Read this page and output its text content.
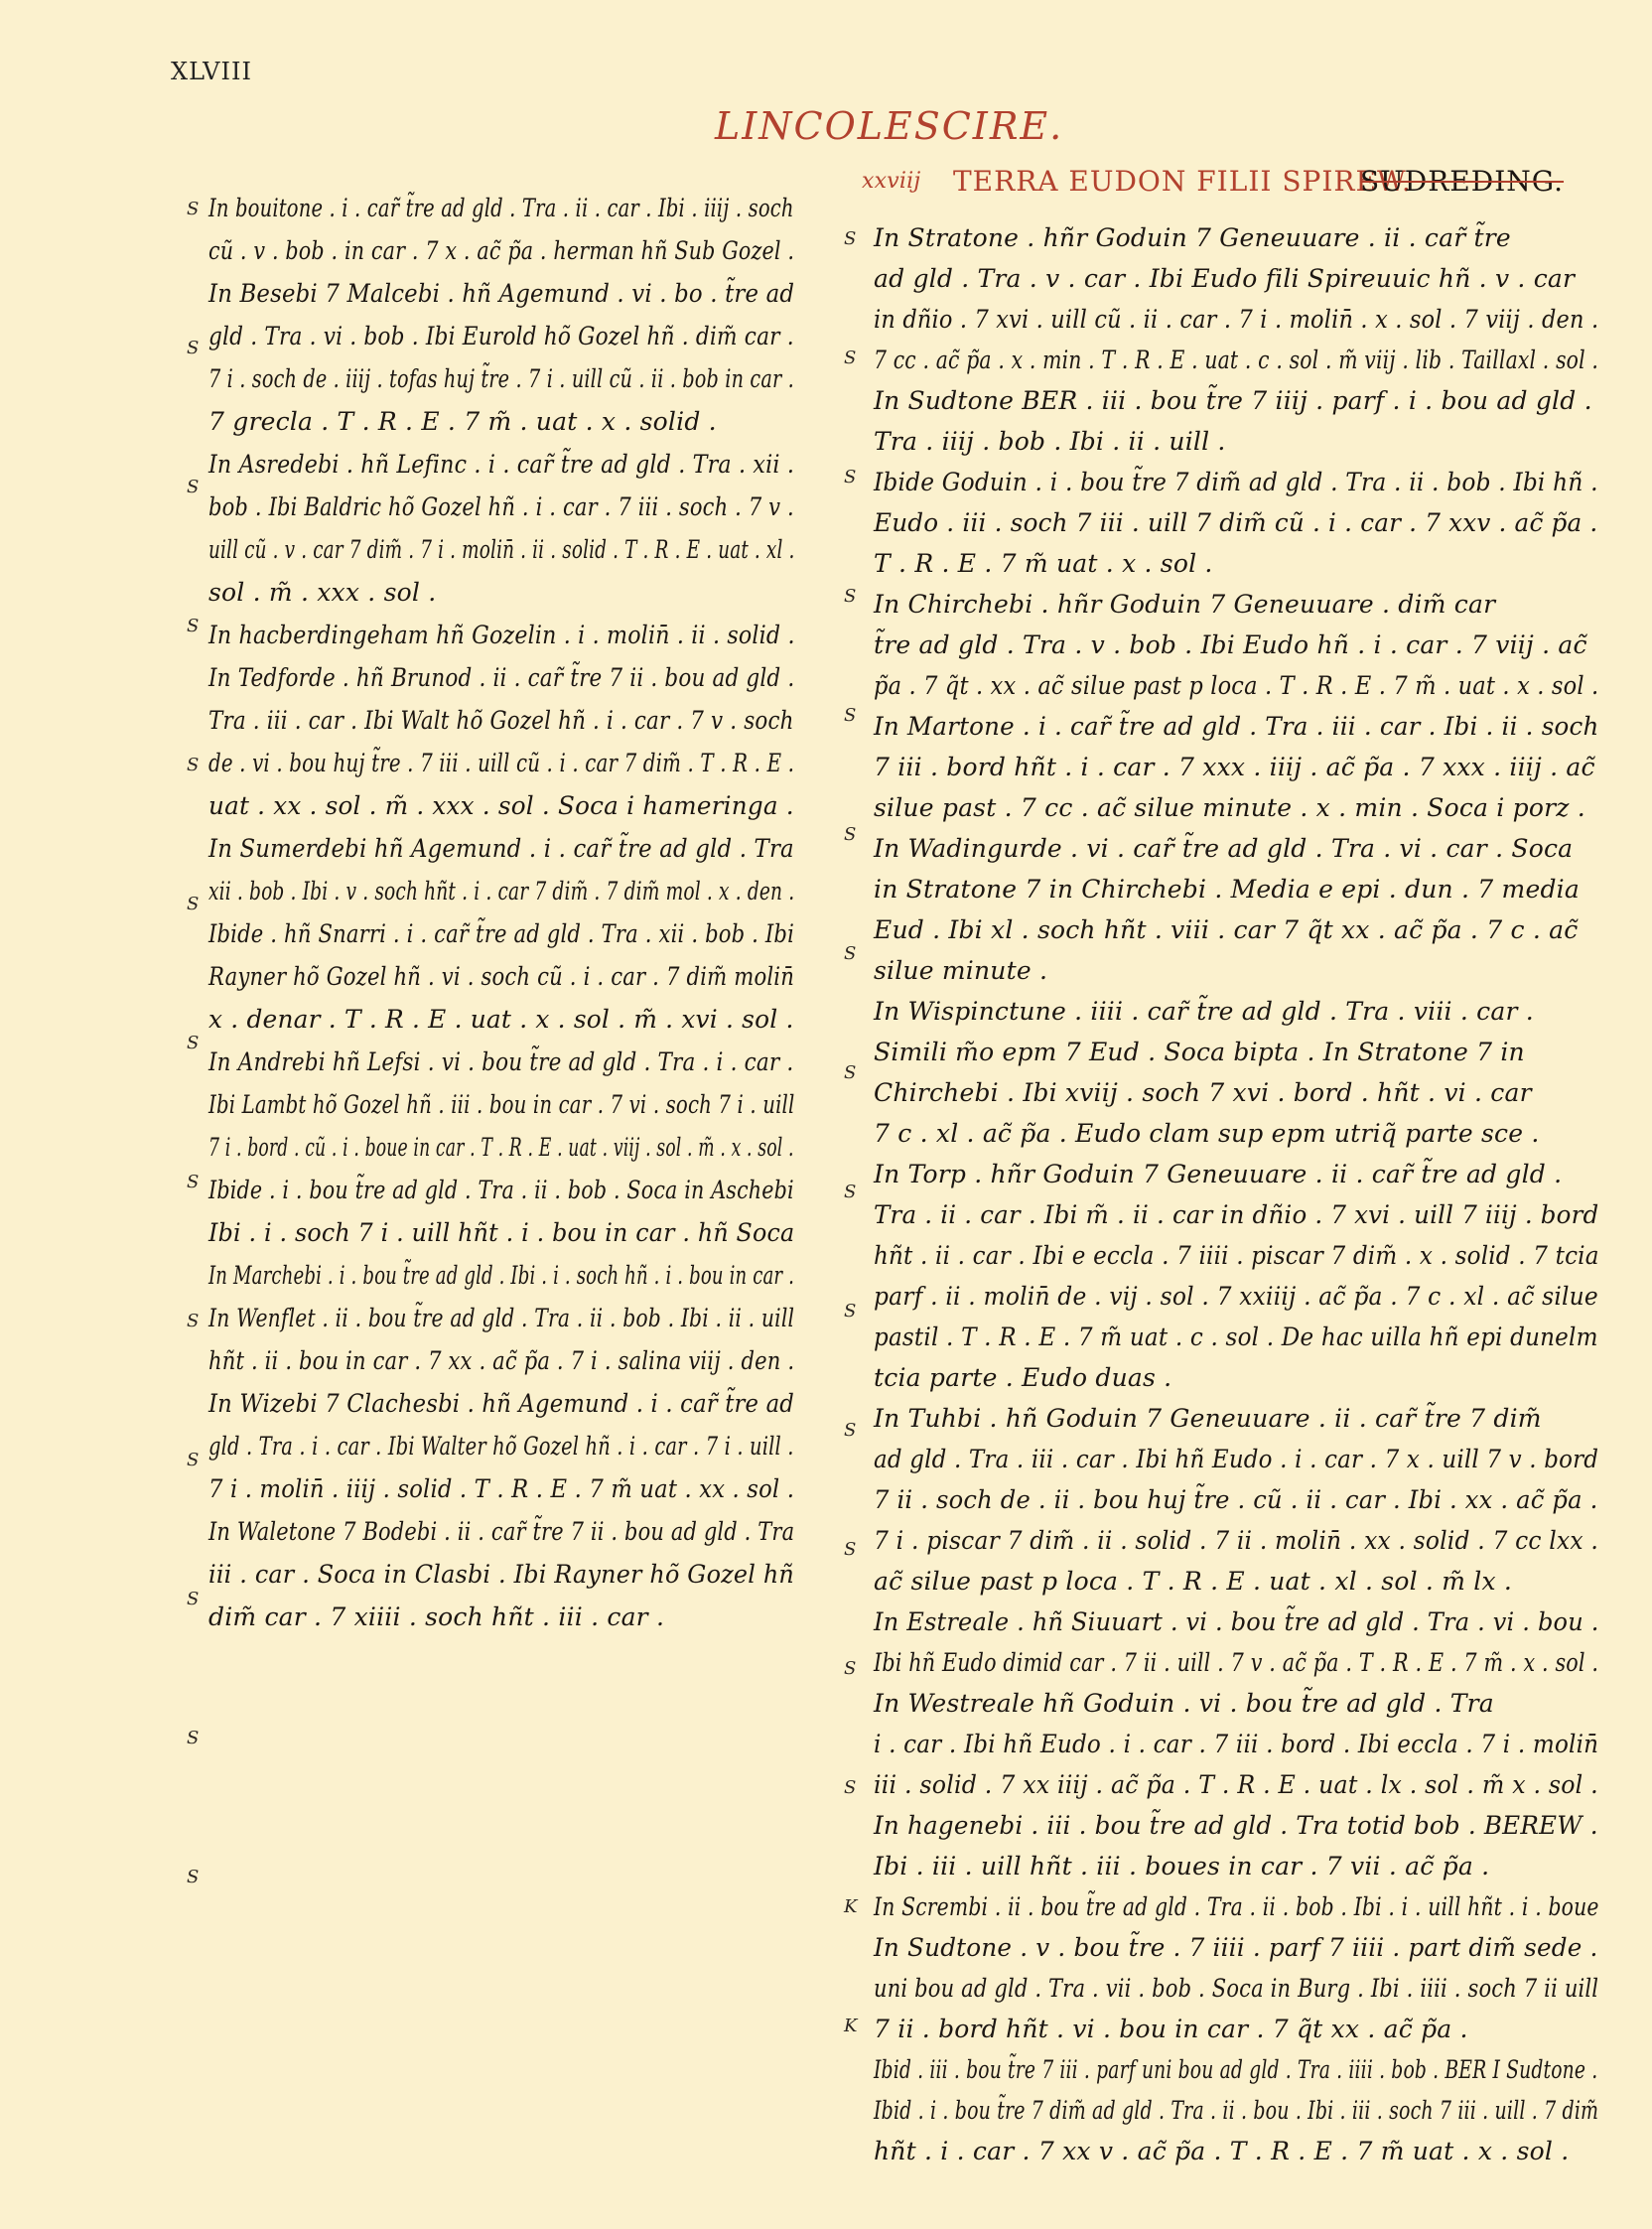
XLVIII
LINCOLESCIRE.
In bouitone . i . car̃ t̃re ad gld . Tra . ii . car . Ibi . iiij . soch
cũ . v . bob . in car . 7 x . ac̃ p̃a . herman hñ Sub Gozel .
In Besebi 7 Malcebi . hñ Agemund . vi . bo . t̃re ad
gld . Tra . vi . bob . Ibi Eurold hõ Gozel hñ . dim̃ car .
7 i . soch de . iiij . tofas huj t̃re . 7 i . uill cũ . ii . bob in car .
7 grecla . T . R . E . 7 m̃ . uat . x . solid .
In Asredebi . hñ Lefinc . i . car̃ t̃re ad gld . Tra . xii .
bob . Ibi Baldric hõ Gozel hñ . i . car . 7 iii . soch . 7 v .
uill cũ . v . car 7 dim̃ . 7 i . molin̄ . ii . solid . T . R . E . uat . xl .
sol . m̃ . xxx . sol .
In hacberdingeham hñ Gozelin . i . molin̄ . ii . solid .
In Tedforde . hñ Brunod . ii . car̃ t̃re 7 ii . bou ad gld .
Tra . iii . car . Ibi Walt hõ Gozel hñ . i . car . 7 v . soch
de . vi . bou huj t̃re . 7 iii . uill cũ . i . car 7 dim̃ . T . R . E .
uat . xx . sol . m̃ . xxx . sol . Soca i hameringa .
In Sumerdebi hñ Agemund . i . car̃ t̃re ad gld . Tra
xii . bob . Ibi . v . soch hñt . i . car 7 dim̃ . 7 dim̃ mol . x . den .
Ibide . hñ Snarri . i . car̃ t̃re ad gld . Tra . xii . bob . Ibi
Rayner hõ Gozel hñ . vi . soch cũ . i . car . 7 dim̃ molin̄
x . denar . T . R . E . uat . x . sol . m̃ . xvi . sol .
In Andrebi hñ Lefsi . vi . bou t̃re ad gld . Tra . i . car .
Ibi Lambt hõ Gozel hñ . iii . bou in car . 7 vi . soch 7 i . uill
7 i . bord . cũ . i . boue in car . T . R . E . uat . viij . sol . m̃ . x . sol .
Ibide . i . bou t̃re ad gld . Tra . ii . bob . Soca in Aschebi
Ibi . i . soch 7 i . uill hñt . i . bou in car . hñ Soca
In Marchebi . i . bou t̃re ad gld . Ibi . i . soch hñ . i . bou in car .
In Wenflet . ii . bou t̃re ad gld . Tra . ii . bob . Ibi . ii . uill
hñt . ii . bou in car . 7 xx . ac̃ p̃a . 7 i . salina viij . den .
In Wizebi 7 Clachesbi . hñ Agemund . i . car̃ t̃re ad
gld . Tra . i . car . Ibi Walter hõ Gozel hñ . i . car . 7 i . uill .
7 i . molin̄ . iiij . solid . T . R . E . 7 m̃ uat . xx . sol .
In Waletone 7 Bodebi . ii . car̃ t̃re 7 ii . bou ad gld . Tra
iii . car . Soca in Clasbi . Ibi Rayner hõ Gozel hñ
dim̃ car . 7 xiiii . soch hñt . iii . car .
S
S
S
S
S
S
S
S
S
S
S
S
S
xxviij TERRA EUDON FILII SPIREW.
SUDREDING.
In Stratone . hñr Goduin 7 Geneuuare . ii . car̃ t̃re
ad gld . Tra . v . car . Ibi Eudo fili Spireuuic hñ . v . car
in dñio . 7 xvi . uill cũ . ii . car . 7 i . molin̄ . x . sol . 7 viij . den .
7 cc . ac̃ p̃a . x . min . T . R . E . uat . c . sol . m̃ viij . lib . Taillaxl . sol .
In Sudtone BER . iii . bou t̃re 7 iiij . parf . i . bou ad gld .
Tra . iiij . bob . Ibi . ii . uill .
Ibide Goduin . i . bou t̃re 7 dim̃ ad gld . Tra . ii . bob . Ibi hñ .
Eudo . iii . soch 7 iii . uill 7 dim̃ cũ . i . car . 7 xxv . ac̃ p̃a .
T . R . E . 7 m̃ uat . x . sol .
In Chirchebi . hñr Goduin 7 Geneuuare . dim̃ car
t̃re ad gld . Tra . v . bob . Ibi Eudo hñ . i . car . 7 viij . ac̃
p̃a . 7 q̃t . xx . ac̃ silue past p loca . T . R . E . 7 m̃ . uat . x . sol .
In Martone . i . car̃ t̃re ad gld . Tra . iii . car . Ibi . ii . soch
7 iii . bord hñt . i . car . 7 xxx . iiij . ac̃ p̃a . 7 xxx . iiij . ac̃
silue past . 7 cc . ac̃ silue minute . x . min . Soca i porz .
In Wadingurde . vi . car̃ t̃re ad gld . Tra . vi . car . Soca
in Stratone 7 in Chirchebi . Media e epi . dun . 7 media
Eud . Ibi xl . soch hñt . viii . car 7 q̃t xx . ac̃ p̃a . 7 c . ac̃
silue minute .
In Wispinctune . iiii . car̃ t̃re ad gld . Tra . viii . car .
Simili m̃o epm 7 Eud . Soca bipta . In Stratone 7 in
Chirchebi . Ibi xviij . soch 7 xvi . bord . hñt . vi . car
7 c . xl . ac̃ p̃a . Eudo clam sup epm utriq̃ parte sce .
In Torp . hñr Goduin 7 Geneuuare . ii . car̃ t̃re ad gld .
Tra . ii . car . Ibi m̃ . ii . car in dñio . 7 xvi . uill 7 iiij . bord
hñt . ii . car . Ibi e eccla . 7 iiii . piscar 7 dim̃ . x . solid . 7 tcia
parf . ii . molin̄ de . vij . sol . 7 xxiiij . ac̃ p̃a . 7 c . xl . ac̃ silue
pastil . T . R . E . 7 m̃ uat . c . sol . De hac uilla hñ epi dunelm
tcia parte . Eudo duas .
In Tuhbi . hñ Goduin 7 Geneuuare . ii . car̃ t̃re 7 dim̃
ad gld . Tra . iii . car . Ibi hñ Eudo . i . car . 7 x . uill 7 v . bord
7 ii . soch de . ii . bou huj t̃re . cũ . ii . car . Ibi . xx . ac̃ p̃a .
7 i . piscar 7 dim̃ . ii . solid . 7 ii . molin̄ . xx . solid . 7 cc lxx .
ac̃ silue past p loca . T . R . E . uat . xl . sol . m̃ lx .
In Estreale . hñ Siuuart . vi . bou t̃re ad gld . Tra . vi . bou .
Ibi hñ Eudo dimid car . 7 ii . uill . 7 v . ac̃ p̃a . T . R . E . 7 m̃ . x . sol .
In Westreale hñ Goduin . vi . bou t̃re ad gld . Tra
i . car . Ibi hñ Eudo . i . car . 7 iii . bord . Ibi eccla . 7 i . molin̄
iii . solid . 7 xx iiij . ac̃ p̃a . T . R . E . uat . lx . sol . m̃ x . sol .
In hagenebi . iii . bou t̃re ad gld . Tra totid bob . BEREW .
Ibi . iii . uill hñt . iii . boues in car . 7 vii . ac̃ p̃a .
In Scrembi . ii . bou t̃re ad gld . Tra . ii . bob . Ibi . i . uill hñt . i . boue
In Sudtone . v . bou t̃re . 7 iiii . parf 7 iiii . part dim̃ sede .
uni bou ad gld . Tra . vii . bob . Soca in Burg . Ibi . iiii . soch 7 ii uill
7 ii . bord hñt . vi . bou in car . 7 q̃t xx . ac̃ p̃a .
Ibid . iii . bou t̃re 7 iii . parf uni bou ad gld . Tra . iiii . bob . BER I Sudtone .
Ibid . i . bou t̃re 7 dim̃ ad gld . Tra . ii . bou . Ibi . iii . soch 7 iii . uill . 7 dim̃
hñt . i . car . 7 xx v . ac̃ p̃a . T . R . E . 7 m̃ uat . x . sol .
S
S
S
S
S
S
S
S
S
S
S
S
S
S
K
K
